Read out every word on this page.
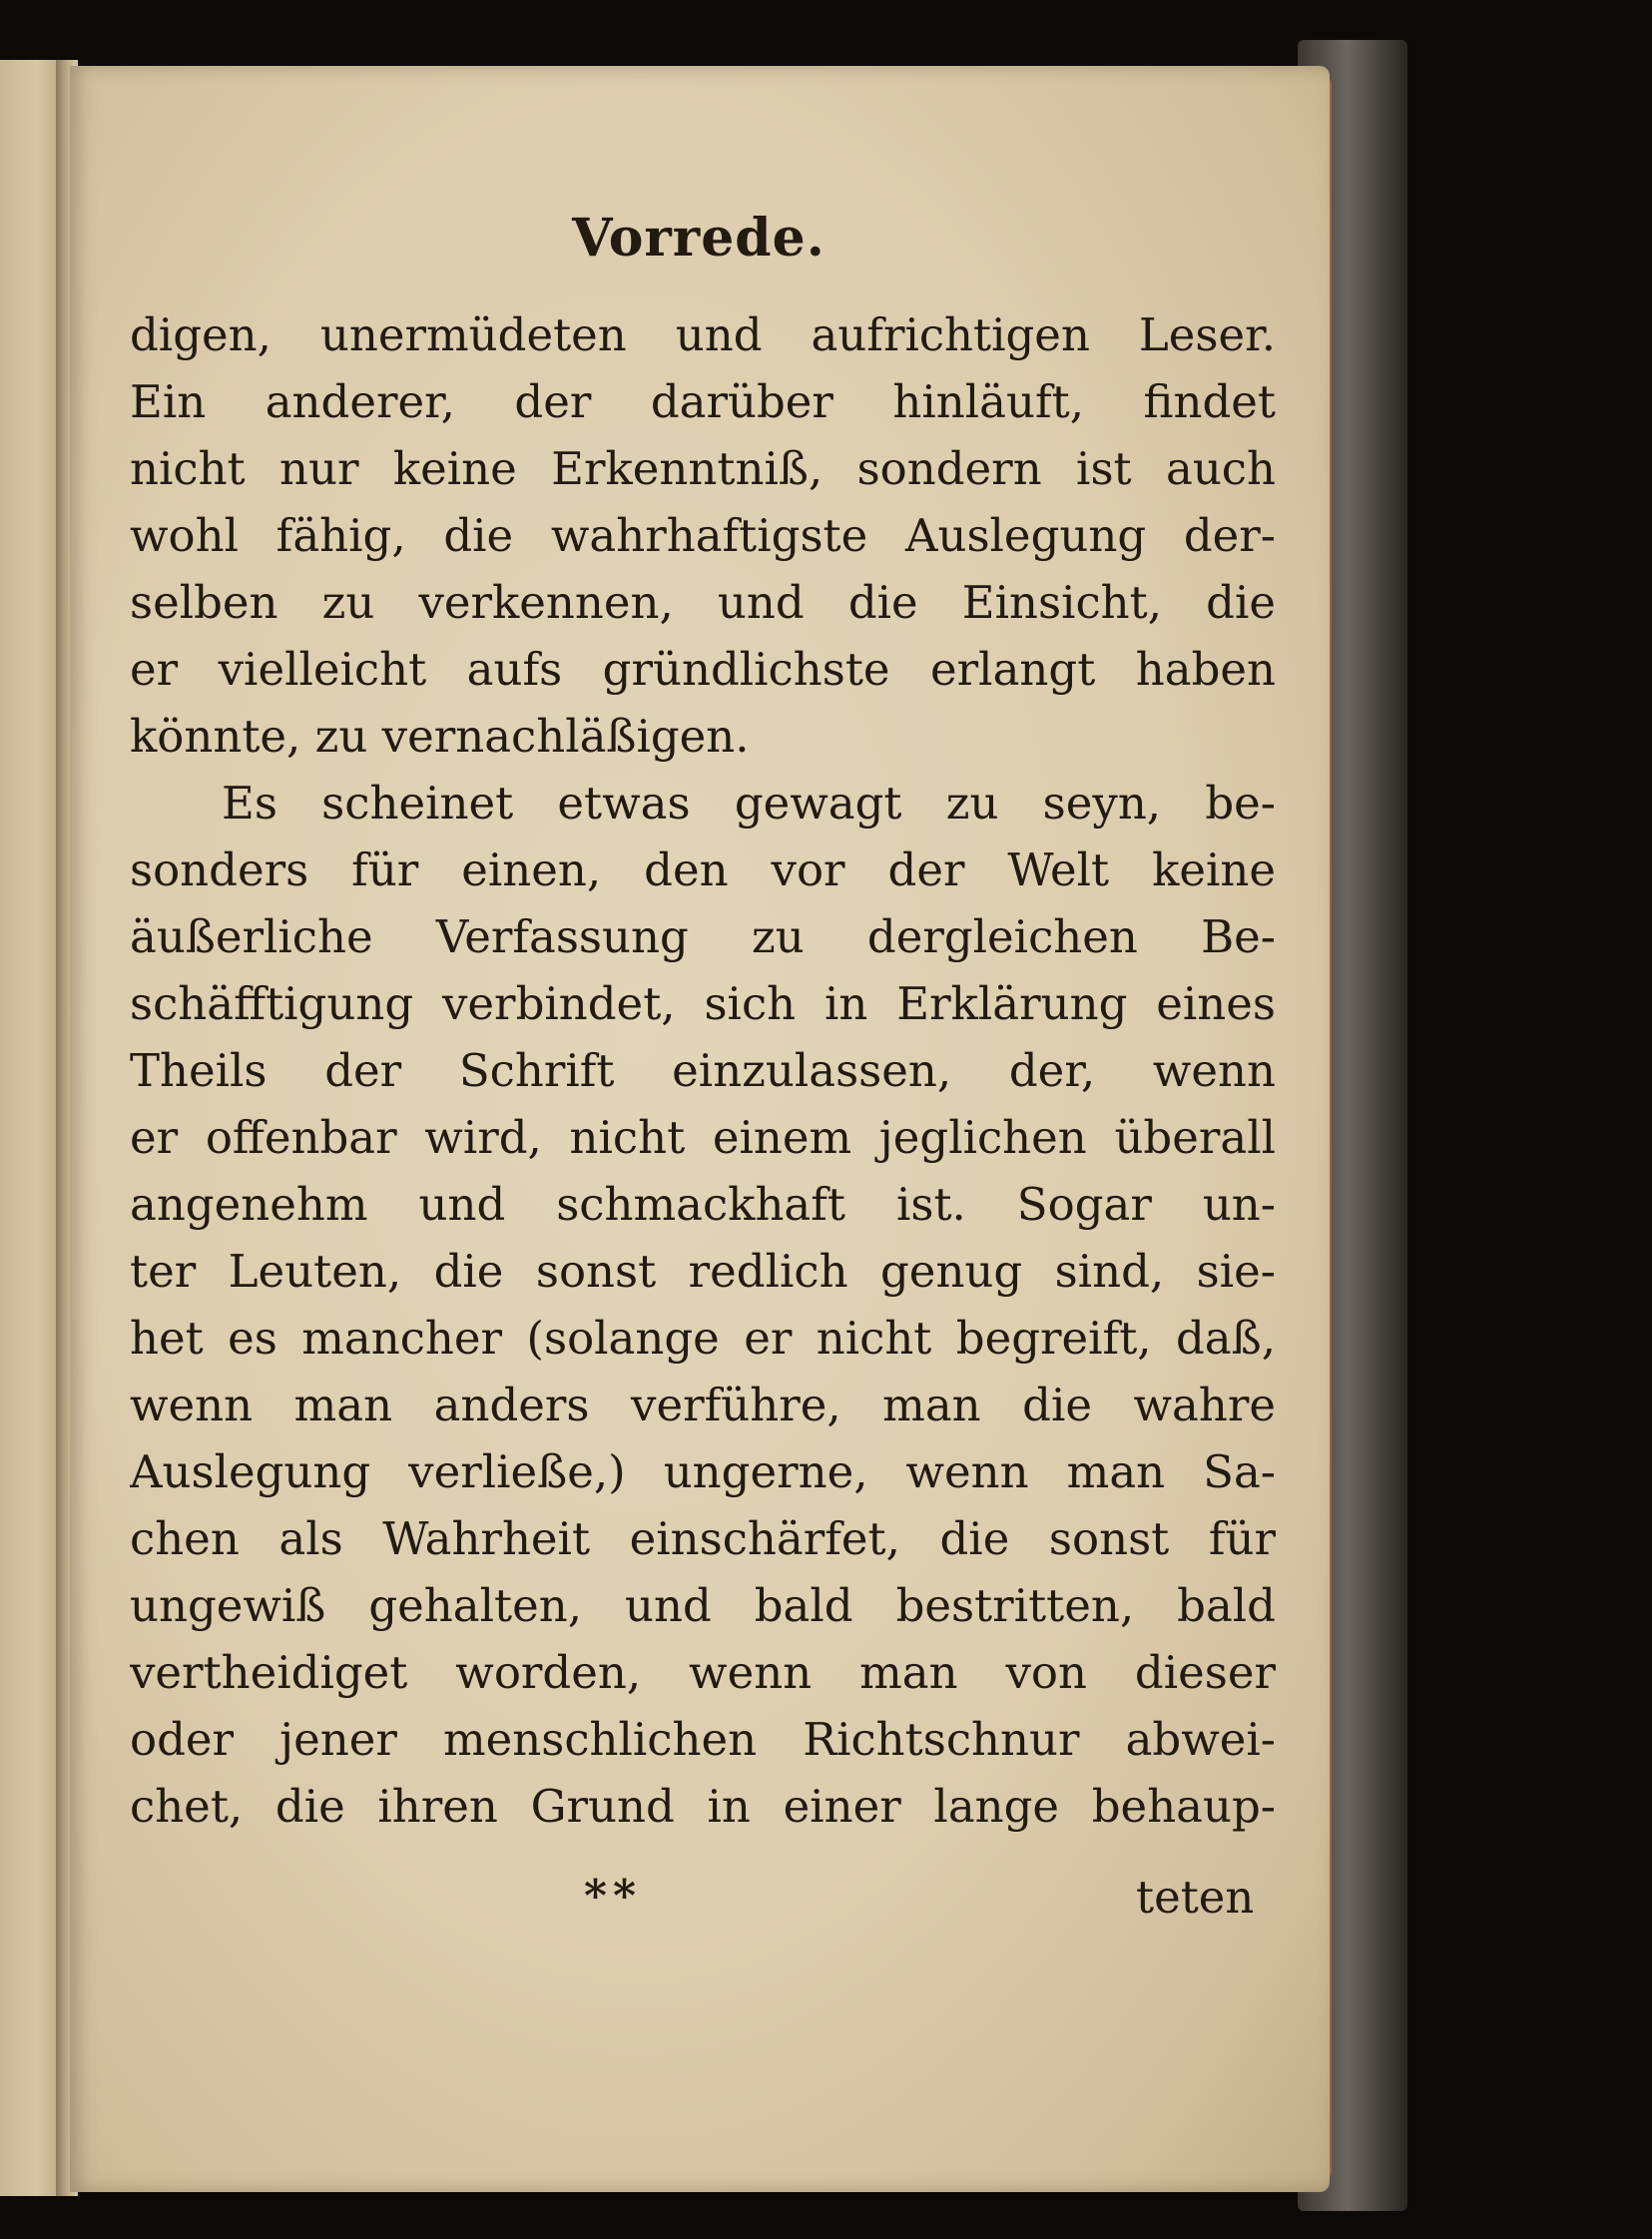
Vorrede.
digen, unermüdeten und aufrichtigen Leser.
Ein anderer, der darüber hinläuft, findet
nicht nur keine Erkenntniß, sondern ist auch
wohl fähig, die wahrhaftigste Auslegung der-
selben zu verkennen, und die Einsicht, die
er vielleicht aufs gründlichste erlangt haben
könnte, zu vernachläßigen.
Es scheinet etwas gewagt zu seyn, be-
sonders für einen, den vor der Welt keine
äußerliche Verfassung zu dergleichen Be-
schäfftigung verbindet, sich in Erklärung eines
Theils der Schrift einzulassen, der, wenn
er offenbar wird, nicht einem jeglichen überall
angenehm und schmackhaft ist. Sogar un-
ter Leuten, die sonst redlich genug sind, sie-
het es mancher (solange er nicht begreift, daß,
wenn man anders verführe, man die wahre
Auslegung verließe,) ungerne, wenn man Sa-
chen als Wahrheit einschärfet, die sonst für
ungewiß gehalten, und bald bestritten, bald
vertheidiget worden, wenn man von dieser
oder jener menschlichen Richtschnur abwei-
chet, die ihren Grund in einer lange behaup-
**	teten
